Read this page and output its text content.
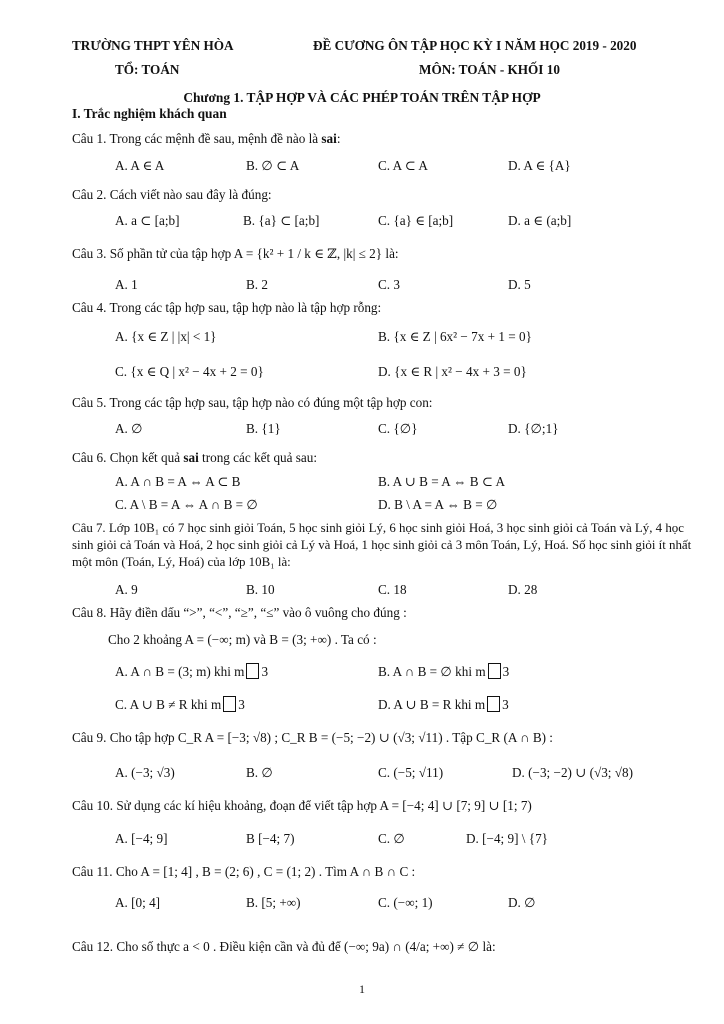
TRƯỜNG THPT YÊN HÒA	ĐỀ CƯƠNG ÔN TẬP HỌC KỲ I NĂM HỌC 2019 - 2020
TỔ: TOÁN	MÔN: TOÁN - KHỐI 10
Chương 1. TẬP HỢP VÀ CÁC PHÉP TOÁN TRÊN TẬP HỢP
I. Trắc nghiệm khách quan
Câu 1. Trong các mệnh đề sau, mệnh đề nào là sai:
A. A ∈ A	B. ∅ ⊂ A	C. A ⊂ A	D. A ∈ {A}
Câu 2. Cách viết nào sau đây là đúng:
A. a ⊂ [a;b]	B. {a} ⊂ [a;b]	C. {a} ∈ [a;b]	D. a ∈ (a;b]
Câu 3. Số phần tử của tập hợp A = {k² + 1 / k ∈ ℤ, |k| ≤ 2} là:
A. 1	B. 2	C. 3	D. 5
Câu 4. Trong các tập hợp sau, tập hợp nào là tập hợp rỗng:
A. {x ∈ Z | |x| < 1}	B. {x ∈ Z | 6x² − 7x + 1 = 0}
C. {x ∈ Q | x² − 4x + 2 = 0}	D. {x ∈ R | x² − 4x + 3 = 0}
Câu 5. Trong các tập hợp sau, tập hợp nào có đúng một tập hợp con:
A. ∅	B. {1}	C. {∅}	D. {∅;1}
Câu 6. Chọn kết quả sai trong các kết quả sau:
A. A ∩ B = A ⇔ A ⊂ B	B. A ∪ B = A ⇔ B ⊂ A
C. A \ B = A ⇔ A ∩ B = ∅	D. B \ A = A ⇔ B = ∅
Câu 7. Lớp 10B₁ có 7 học sinh giỏi Toán, 5 học sinh giỏi Lý, 6 học sinh giỏi Hoá, 3 học sinh giỏi cả Toán và Lý, 4 học sinh giỏi cả Toán và Hoá, 2 học sinh giỏi cả Lý và Hoá, 1 học sinh giỏi cả 3 môn Toán, Lý, Hoá. Số học sinh giỏi ít nhất một môn (Toán, Lý, Hoá) của lớp 10B₁ là:
A. 9	B. 10	C. 18	D. 28
Câu 8. Hãy điền dấu “>”, “<”, “≥”, “≤” vào ô vuông cho đúng :
Cho 2 khoảng A = (−∞; m) và B = (3; +∞) . Ta có :
A. A ∩ B = (3; m) khi m 3	B. A ∩ B = ∅ khi m 3
C. A ∪ B ≠ R khi m 3	D. A ∪ B = R khi m 3
Câu 9. Cho tập hợp C_R A = [−3; √8) ; C_R B = (−5; −2) ∪ (√3; √11) . Tập C_R (A ∩ B) :
A. (−3; √3)	B. ∅	C. (−5; √11)	D. (−3; −2) ∪ (√3; √8)
Câu 10. Sử dụng các kí hiệu khoảng, đoạn để viết tập hợp A = [−4; 4] ∪ [7; 9] ∪ [1; 7)
A. [−4; 9]	B [−4; 7)	C. ∅	D. [−4; 9] \ {7}
Câu 11. Cho A = [1; 4] , B = (2; 6) , C = (1; 2) . Tìm A ∩ B ∩ C :
A. [0; 4]	B. [5; +∞)	C. (−∞; 1)	D. ∅
Câu 12. Cho số thực a < 0 . Điều kiện cần và đủ để (−∞; 9a) ∩ (4/a; +∞) ≠ ∅ là:
1
